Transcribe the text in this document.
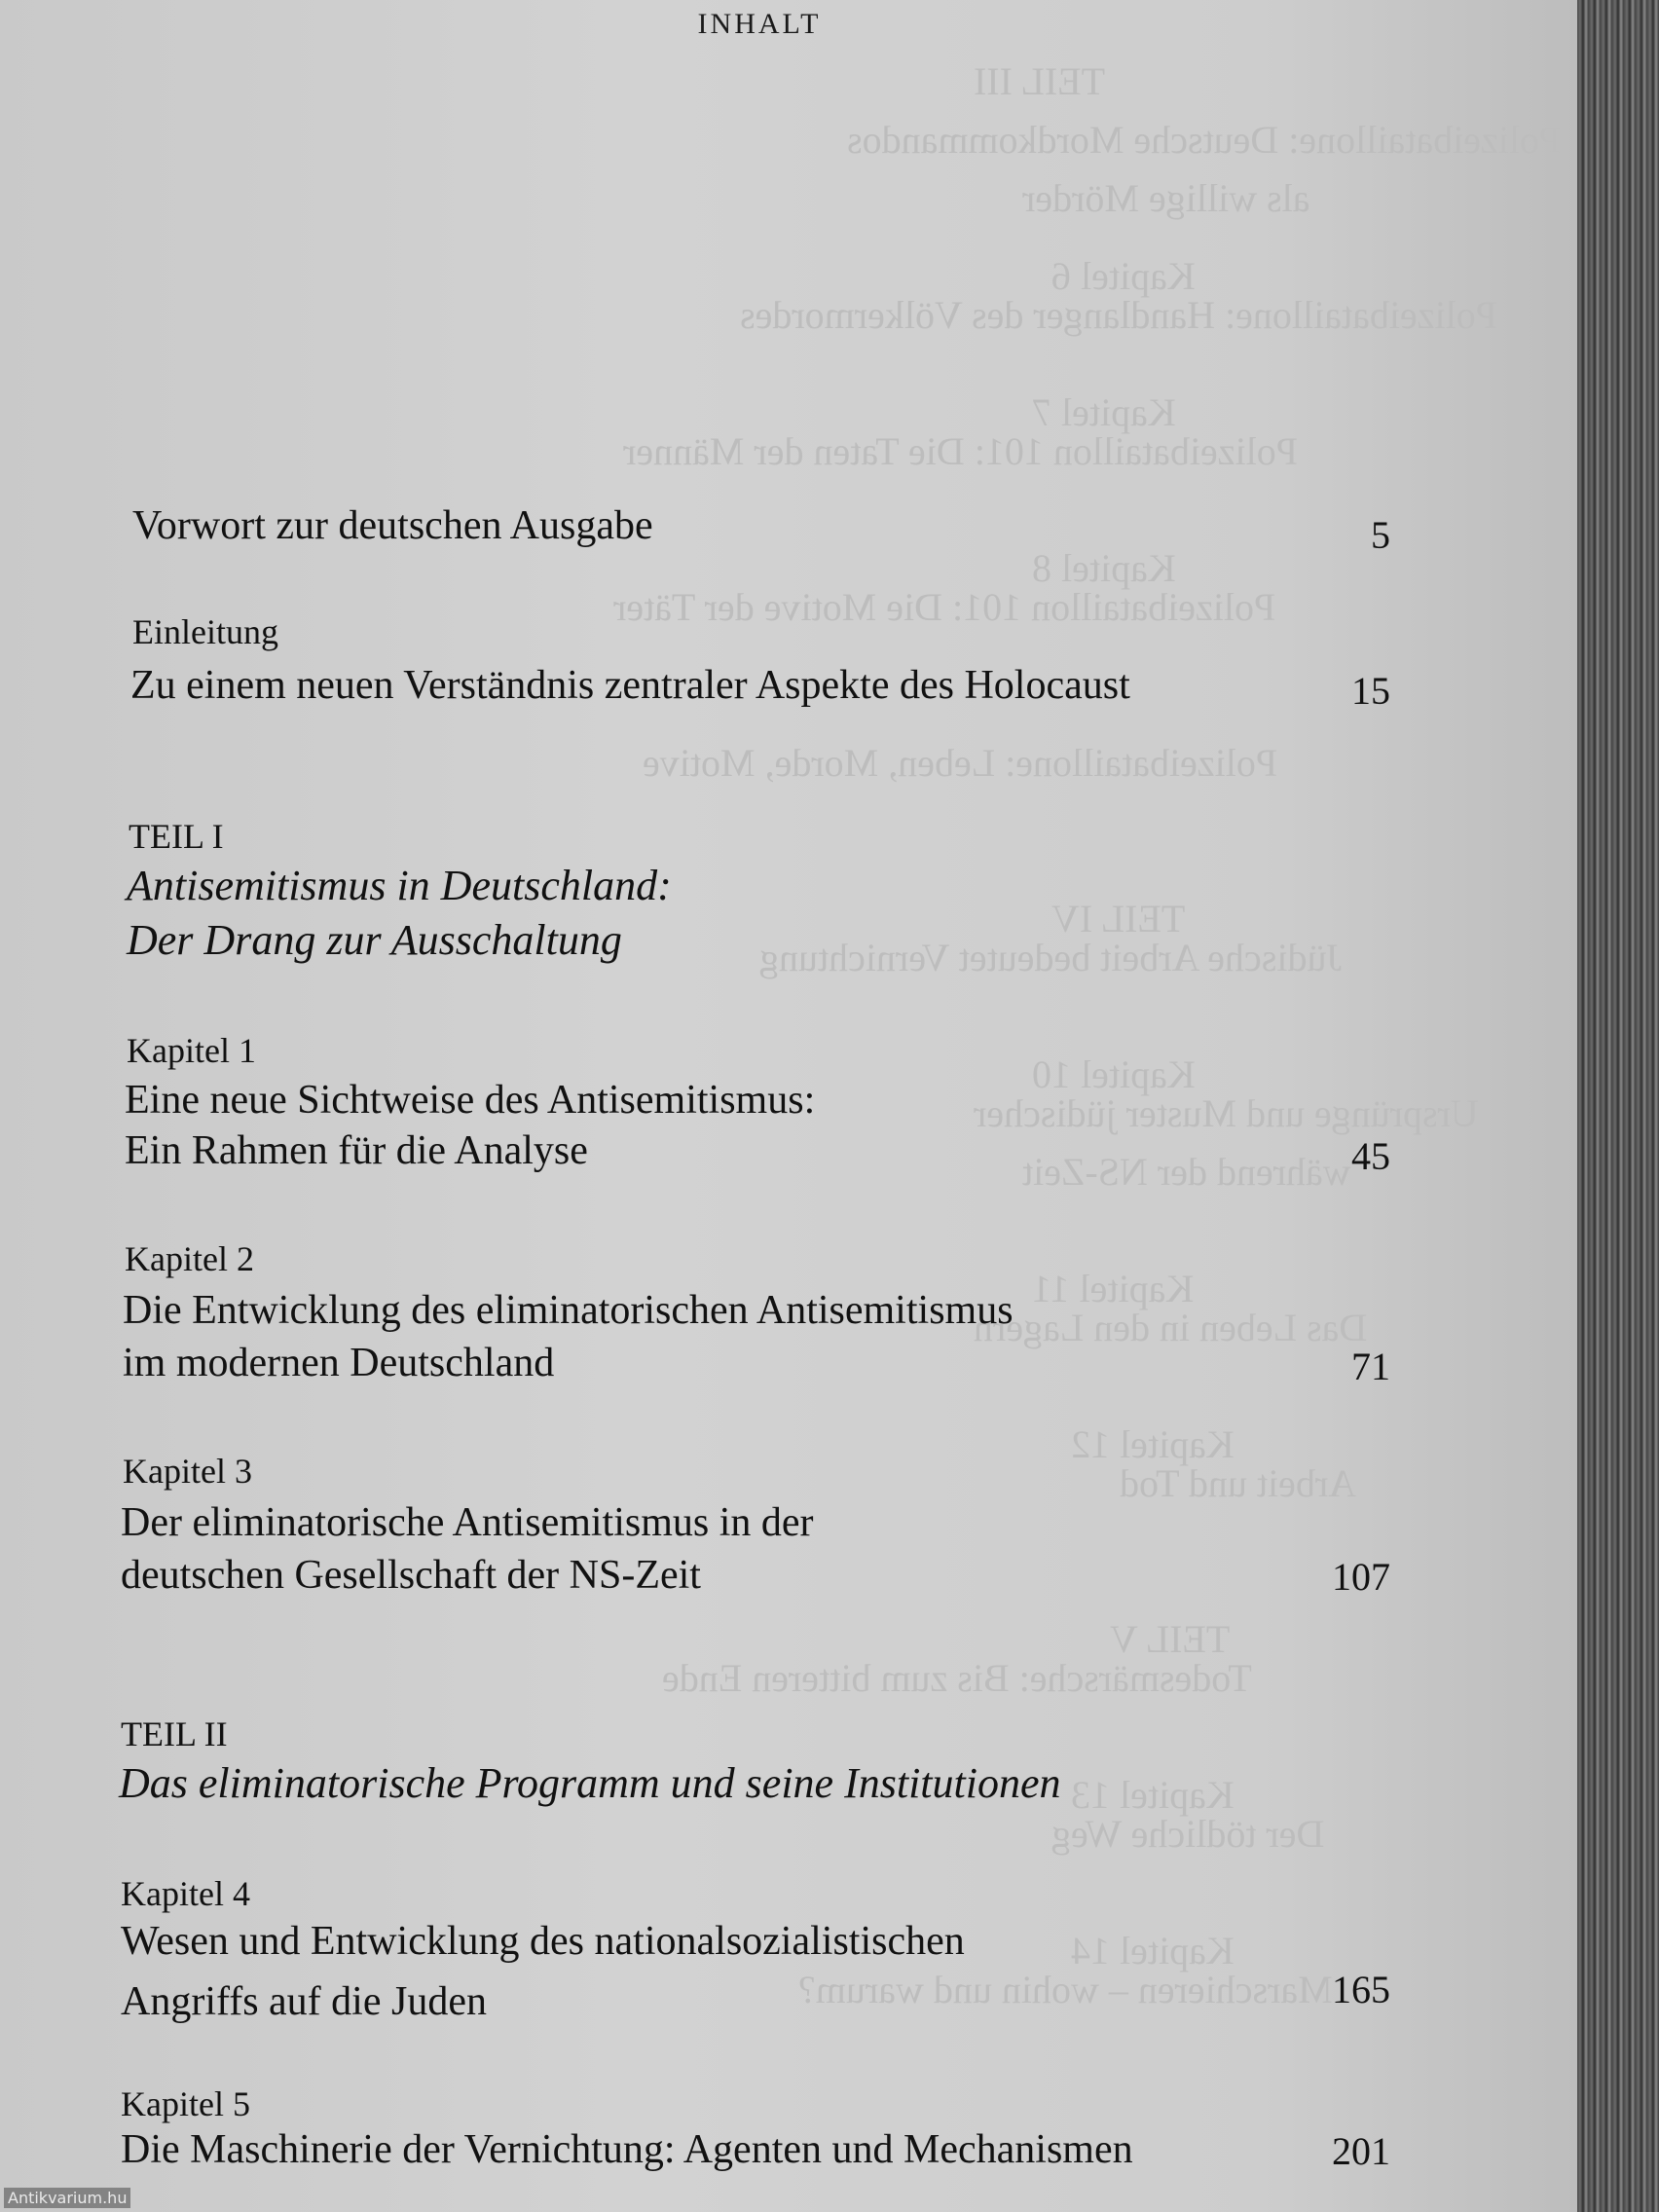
TEIL III
Polizeibataillone: Deutsche Mordkommandos
als willige Mörder
Kapitel 6
Polizeibataillone: Handlanger des Völkermordes
Kapitel 7
Polizeibataillon 101: Die Taten der Männer
Kapitel 8
Polizeibataillon 101: Die Motive der Täter
Polizeibataillone: Leben, Morde, Motive
TEIL IV
Jüdische Arbeit bedeutet Vernichtung
Kapitel 10
Ursprünge und Muster jüdischer
während der NS-Zeit
Kapitel 11
Das Leben in den Lagern
Kapitel 12
Arbeit und Tod
TEIL V
Todesmärsche: Bis zum bitteren Ende
Kapitel 13
Der tödliche Weg
Kapitel 14
Marschieren – wohin und warum?
INHALT
Vorwort zur deutschen Ausgabe	5
Einleitung
Zu einem neuen Verständnis zentraler Aspekte des Holocaust	15
TEIL I
Antisemitismus in Deutschland:
Der Drang zur Ausschaltung
Kapitel 1
Eine neue Sichtweise des Antisemitismus:
Ein Rahmen für die Analyse	45
Kapitel 2
Die Entwicklung des eliminatorischen Antisemitismus
im modernen Deutschland	71
Kapitel 3
Der eliminatorische Antisemitismus in der
deutschen Gesellschaft der NS-Zeit	107
TEIL II
Das eliminatorische Programm und seine Institutionen
Kapitel 4
Wesen und Entwicklung des nationalsozialistischen
Angriffs auf die Juden	165
Kapitel 5
Die Maschinerie der Vernichtung: Agenten und Mechanismen	201
Antikvarium.hu
